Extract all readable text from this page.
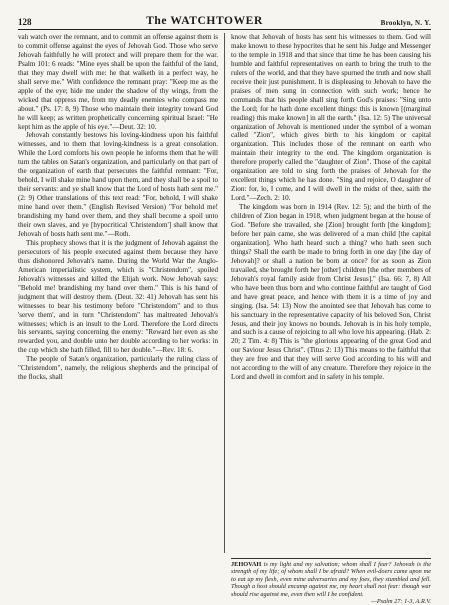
128	The WATCHTOWER	Brooklyn, N. Y.

vah watch over the remnant, and to commit an offense against them is to commit offense against the eyes of Jehovah God. Those who serve Jehovah faithfully he will protect and will prepare them for the war. Psalm 101: 6 reads: "Mine eyes shall be upon the faithful of the land, that they may dwell with me: he that walketh in a perfect way, he shall serve me." With confidence the remnant pray: "Keep me as the apple of the eye; hide me under the shadow of thy wings, from the wicked that oppress me, from my deadly enemies who compass me about." (Ps. 17: 8, 9) Those who maintain their integrity toward God he will keep; as written prophetically concerning spiritual Israel: "He kept him as the apple of his eye."—Deut. 32: 10.

Jehovah constantly bestows his loving-kindness upon his faithful witnesses, and to them that loving-kindness is a great consolation. While the Lord comforts his own people he informs them that he will turn the tables on Satan's organization, and particularly on that part of the organization of earth that persecutes the faithful remnant: "For, behold, I will shake mine hand upon them, and they shall be a spoil to their servants: and ye shall know that the Lord of hosts hath sent me." (2: 9) Other translations of this text read: "For, behold, I will shake mine hand over them." (English Revised Version) "For behold me! brandishing my hand over them, and they shall become a spoil unto their own slaves, and ye [hypocritical 'Christendom'] shall know that Jehovah of hosts hath sent me."—Roth.

This prophecy shows that it is the judgment of Jehovah against the persecutors of his people executed against them because they have thus dishonored Jehovah's name. During the World War the Anglo-American imperialistic system, which is "Christendom", spoiled Jehovah's witnesses and killed the Elijah work. Now Jehovah says: "Behold me! brandishing my hand over them." This is his hand of judgment that will destroy them. (Deut. 32: 41) Jehovah has sent his witnesses to bear his testimony before "Christendom" and to thus 'serve them', and in turn "Christendom" has maltreated Jehovah's witnesses; which is an insult to the Lord. Therefore the Lord directs his servants, saying concerning the enemy: "Reward her even as she rewarded you, and double unto her double according to her works: in the cup which she hath filled, fill to her double."—Rev. 18: 6.

The people of Satan's organization, particularly the ruling class of "Christendom", namely, the religious shepherds and the principal of the flocks, shall

know that Jehovah of hosts has sent his witnesses to them. God will make known to these hypocrites that he sent his Judge and Messenger to the temple in 1918 and that since that time he has been causing his humble and faithful representatives on earth to bring the truth to the rulers of the world, and that they have spurned the truth and now shall receive their just punishment. It is displeasing to Jehovah to have the praises of men sung in connection with such work; hence he commands that his people shall sing forth God's praises: "Sing unto the Lord; for he hath done excellent things: this is known [(marginal reading) this make known] in all the earth." (Isa. 12: 5) The universal organization of Jehovah is mentioned under the symbol of a woman called "Zion", which gives birth to his kingdom or capital organization. This includes those of the remnant on earth who maintain their integrity to the end. The kingdom organization is therefore properly called the "daughter of Zion". Those of the capital organization are told to sing forth the praises of Jehovah for the excellent things which he has done. "Sing and rejoice, O daughter of Zion: for, lo, I come, and I will dwell in the midst of thee, saith the Lord."—Zech. 2: 10.

The kingdom was born in 1914 (Rev. 12: 5); and the birth of the children of Zion began in 1918, when judgment began at the house of God. "Before she travailed, she [Zion] brought forth [the kingdom]; before her pain came, she was delivered of a man child [the capital organization]. Who hath heard such a thing? who hath seen such things? Shall the earth be made to bring forth in one day [the day of Jehovah]? or shall a nation be born at once? for as soon as Zion travailed, she brought forth her [other] children [the other members of Jehovah's royal family aside from Christ Jesus]." (Isa. 66: 7, 8) All who have been thus born and who continue faithful are taught of God and have great peace, and hence with them it is a time of joy and singing. (Isa. 54: 13) Now the anointed see that Jehovah has come to his sanctuary in the representative capacity of his beloved Son, Christ Jesus, and their joy knows no bounds. Jehovah is in his holy temple, and such is a cause of rejoicing to all who love his appearing. (Hab. 2: 20; 2 Tim. 4: 8) This is "the glorious appearing of the great God and our Saviour Jesus Christ". (Titus 2: 13) This means to the faithful that they are free and that they will serve God according to his will and not according to the will of any creature. Therefore they rejoice in the Lord and dwell in comfort and in safety in his temple.

JEHOVAH is my light and my salvation; whom shall I fear? Jehovah is the strength of my life; of whom shall I be afraid? When evil-doers came upon me to eat up my flesh, even mine adversaries and my foes, they stumbled and fell. Though a host should encamp against me, my heart shall not fear: though war should rise against me, even then will I be confident.
—Psalm 27: 1-3, A.R.V.
